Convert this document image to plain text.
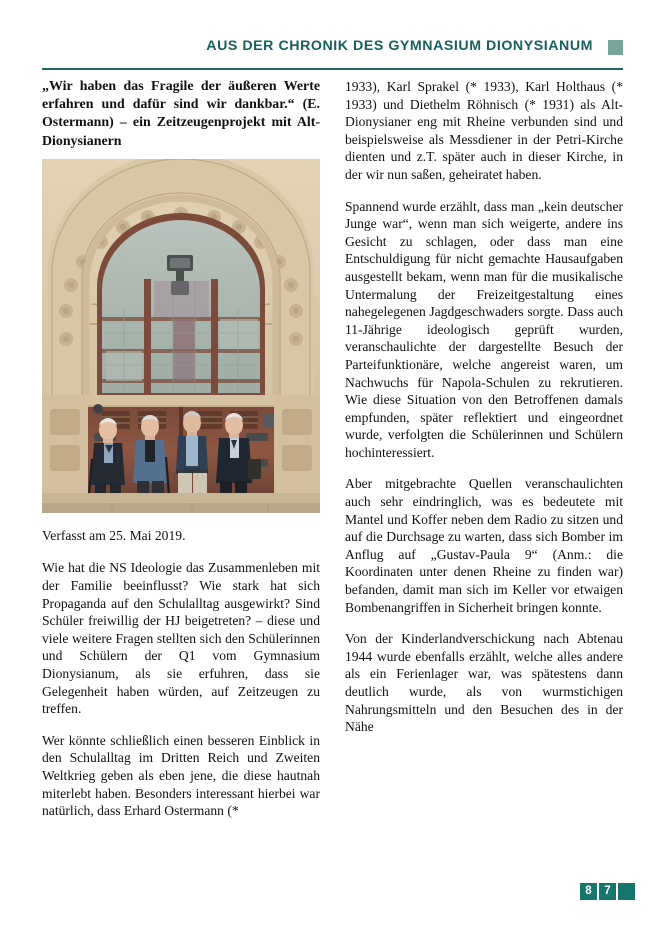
AUS DER CHRONIK DES GYMNASIUM DIONYSIANUM

„Wir haben das Fragile der äußeren Werte erfahren und dafür sind wir dankbar.“ (E. Ostermann) – ein Zeitzeugenprojekt mit Alt-Dionysianern

Verfasst am 25. Mai 2019.

Wie hat die NS Ideologie das Zusammenleben mit der Familie beeinflusst? Wie stark hat sich Propaganda auf den Schulalltag ausgewirkt? Sind Schüler freiwillig der HJ beigetreten? – diese und viele weitere Fragen stellten sich den Schülerinnen und Schülern der Q1 vom Gymnasium Dionysianum, als sie erfuhren, dass sie Gelegenheit haben würden, auf Zeitzeugen zu treffen.

Wer könnte schließlich einen besseren Einblick in den Schulalltag im Dritten Reich und Zweiten Weltkrieg geben als eben jene, die diese hautnah miterlebt haben. Besonders interessant hierbei war natürlich, dass Erhard Ostermann (*

1933), Karl Sprakel (* 1933), Karl Holthaus (* 1933) und Diethelm Röhnisch (* 1931) als Alt-Dionysianer eng mit Rheine verbunden sind und beispielsweise als Messdiener in der Petri-Kirche dienten und z.T. später auch in dieser Kirche, in der wir nun saßen, geheiratet haben.

Spannend wurde erzählt, dass man „kein deutscher Junge war“, wenn man sich weigerte, andere ins Gesicht zu schlagen, oder dass man eine Entschuldigung für nicht gemachte Hausaufgaben ausgestellt bekam, wenn man für die musikalische Untermalung der Freizeitgestaltung eines nahegelegenen Jagdgeschwaders sorgte. Dass auch 11-Jährige ideologisch geprüft wurden, veranschaulichte der dargestellte Besuch der Parteifunktionäre, welche angereist waren, um Nachwuchs für Napola-Schulen zu rekrutieren. Wie diese Situation von den Betroffenen damals empfunden, später reflektiert und eingeordnet wurde, verfolgten die Schülerinnen und Schülern hochinteressiert.

Aber mitgebrachte Quellen veranschaulichten auch sehr eindringlich, was es bedeutete mit Mantel und Koffer neben dem Radio zu sitzen und auf die Durchsage zu warten, dass sich Bomber im Anflug auf „Gustav-Paula 9“ (Anm.: die Koordinaten unter denen Rheine zu finden war) befanden, damit man sich im Keller vor etwaigen Bombenangriffen in Sicherheit bringen konnte.

Von der Kinderlandverschickung nach Abtenau 1944 wurde ebenfalls erzählt, welche alles andere als ein Ferienlager war, was spätestens dann deutlich wurde, als von wurmstichigen Nahrungsmitteln und den Besuchen des in der Nähe

8	7
